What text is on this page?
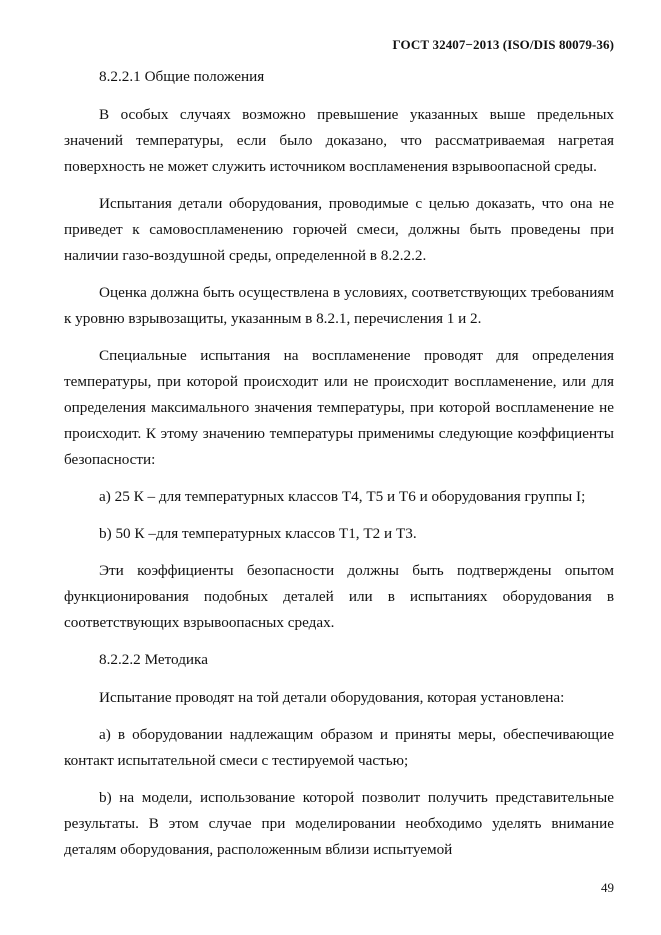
ГОСТ 32407−2013 (ISO/DIS 80079-36)

8.2.2.1 Общие положения

В особых случаях возможно превышение указанных выше предельных значений температуры, если было доказано, что рассматриваемая нагретая поверхность не может служить источником воспламенения взрывоопасной среды.

Испытания детали оборудования, проводимые с целью доказать, что она не приведет к самовоспламенению горючей смеси, должны быть проведены при наличии газо-воздушной среды, определенной в 8.2.2.2.

Оценка должна быть осуществлена в условиях, соответствующих требованиям к уровню взрывозащиты, указанным в 8.2.1, перечисления 1 и 2.

Специальные испытания на воспламенение проводят для определения температуры, при которой происходит или не происходит воспламенение, или для определения максимального значения температуры, при которой воспламенение не происходит. К этому значению температуры применимы следующие коэффициенты безопасности:

a) 25 К – для температурных классов Т4, Т5 и Т6 и оборудования группы I;

b) 50 К –для температурных классов Т1, Т2 и Т3.

Эти коэффициенты безопасности должны быть подтверждены опытом функционирования подобных деталей или в испытаниях оборудования в соответствующих взрывоопасных средах.

8.2.2.2 Методика

Испытание проводят на той детали оборудования, которая установлена:

а) в оборудовании надлежащим образом и приняты меры, обеспечивающие контакт испытательной смеси с тестируемой частью;

b) на модели, использование которой позволит получить представительные результаты. В этом случае при моделировании необходимо уделять внимание деталям оборудования, расположенным вблизи испытуемой

49
